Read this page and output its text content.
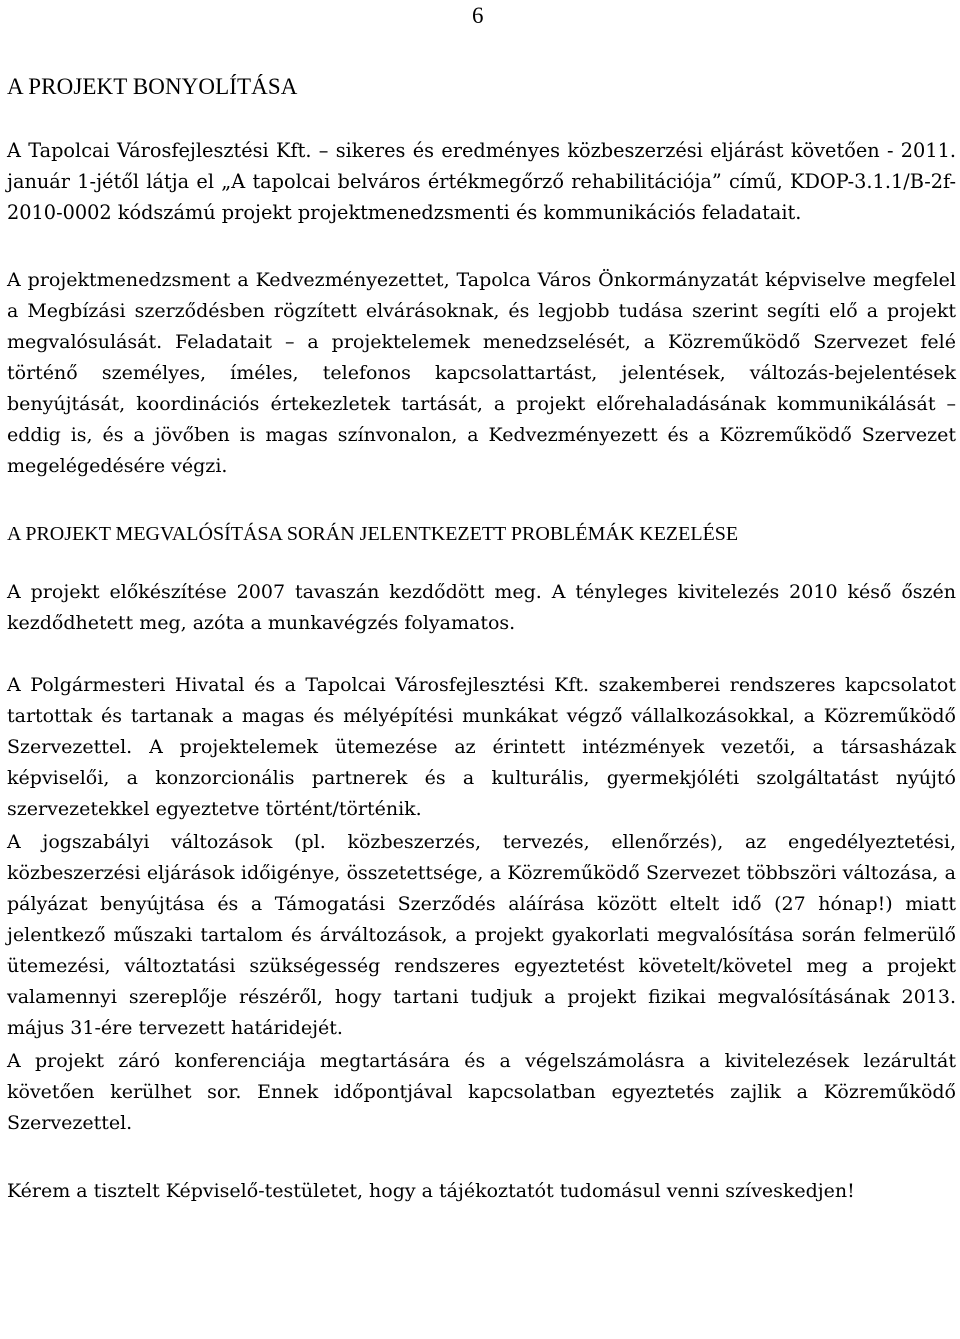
6
A PROJEKT BONYOLÍTÁSA

A Tapolcai Városfejlesztési Kft. – sikeres és eredményes közbeszerzési eljárást követően - 2011. január 1-jétől látja el „A tapolcai belváros értékmegőrző rehabilitációja” című, KDOP-3.1.1/B-2f-2010-0002 kódszámú projekt projektmenedzsmenti és kommunikációs feladatait.

A projektmenedzsment a Kedvezményezettet, Tapolca Város Önkormányzatát képviselve megfelel a Megbízási szerződésben rögzített elvárásoknak, és legjobb tudása szerint segíti elő a projekt megvalósulását. Feladatait – a projektelemek menedzselését, a Közreműködő Szervezet felé történő személyes, íméles, telefonos kapcsolattartást, jelentések, változás-bejelentések benyújtását, koordinációs értekezletek tartását, a projekt előrehaladásának kommunikálását – eddig is, és a jövőben is magas színvonalon, a Kedvezményezett és a Közreműködő Szervezet megelégedésére végzi.

A PROJEKT MEGVALÓSÍTÁSA SORÁN JELENTKEZETT PROBLÉMÁK KEZELÉSE

A projekt előkészítése 2007 tavaszán kezdődött meg. A tényleges kivitelezés 2010 késő őszén kezdődhetett meg, azóta a munkavégzés folyamatos.

A Polgármesteri Hivatal és a Tapolcai Városfejlesztési Kft. szakemberei rendszeres kapcsolatot tartottak és tartanak a magas és mélyépítési munkákat végző vállalkozásokkal, a Közreműködő Szervezettel. A projektelemek ütemezése az érintett intézmények vezetői, a társasházak képviselői, a konzorcionális partnerek és a kulturális, gyermekjóléti szolgáltatást nyújtó szervezetekkel egyeztetve történt/történik.

A jogszabályi változások (pl. közbeszerzés, tervezés, ellenőrzés), az engedélyeztetési, közbeszerzési eljárások időigénye, összetettsége, a Közreműködő Szervezet többszöri változása, a pályázat benyújtása és a Támogatási Szerződés aláírása között eltelt idő (27 hónap!) miatt jelentkező műszaki tartalom és árváltozások, a projekt gyakorlati megvalósítása során felmerülő ütemezési, változtatási szükségesség rendszeres egyeztetést követelt/követel meg a projekt valamennyi szereplője részéről, hogy tartani tudjuk a projekt fizikai megvalósításának 2013. május 31-ére tervezett határidejét.

A projekt záró konferenciája megtartására és a végelszámolásra a kivitelezések lezárultát követően kerülhet sor. Ennek időpontjával kapcsolatban egyeztetés zajlik a Közreműködő Szervezettel.

Kérem a tisztelt Képviselő-testületet, hogy a tájékoztatót tudomásul venni szíveskedjen!
